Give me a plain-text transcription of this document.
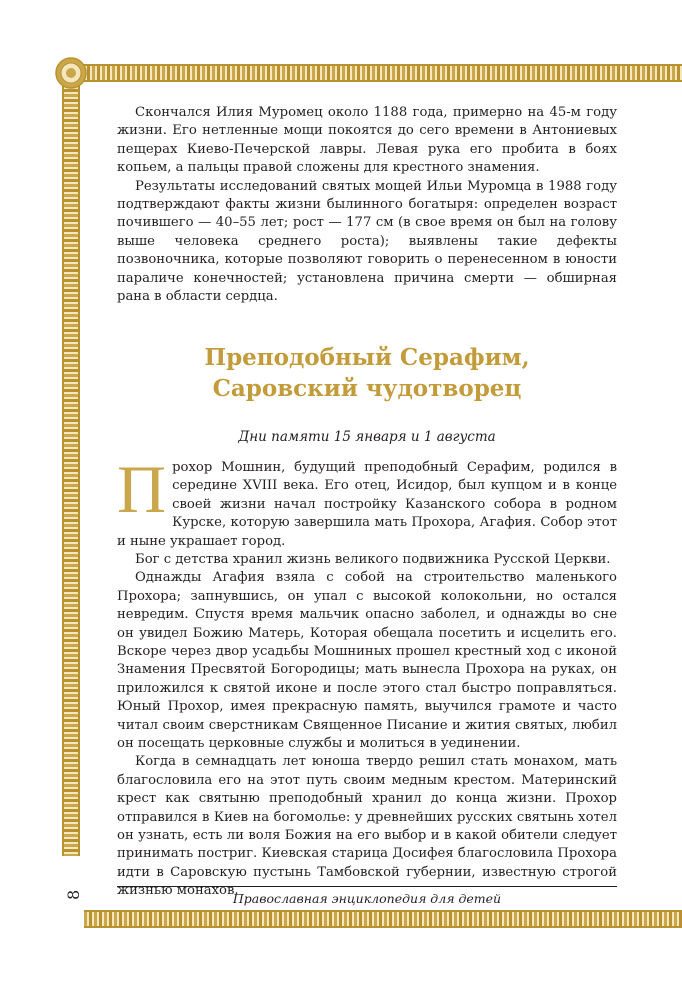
8

Скончался Илия Муромец около 1188 года, примерно на 45-м году жизни. Его нетленные мощи покоятся до сего времени в Антониевых пещерах Киево-Печерской лавры. Левая рука его пробита в боях копьем, а пальцы правой сложены для крестного знамения.

Результаты исследований святых мощей Ильи Муромца в 1988 году подтверждают факты жизни былинного богатыря: определен возраст почившего — 40–55 лет; рост — 177 см (в свое время он был на голову выше человека среднего роста); выявлены такие дефекты позвоночника, которые позволяют говорить о перенесенном в юности параличе конечностей; установлена причина смерти — обширная рана в области сердца.

Преподобный Серафим,
Саровский чудотворец
Дни памяти 15 января и 1 августа
П рохор Мошнин, будущий преподобный Серафим, родился в середине XVIII века. Его отец, Исидор, был купцом и в конце своей жизни начал постройку Казанского собора в родном Курске, которую завершила мать Прохора, Агафия. Собор этот и ныне украшает город.

Бог с детства хранил жизнь великого подвижника Русской Церкви.

Однажды Агафия взяла с собой на строительство маленького Прохора; запнувшись, он упал с высокой колокольни, но остался невредим. Спустя время мальчик опасно заболел, и однажды во сне он увидел Божию Матерь, Которая обещала посетить и исцелить его. Вскоре через двор усадьбы Мошниных прошел крестный ход с иконой Знамения Пресвятой Богородицы; мать вынесла Прохора на руках, он приложился к святой иконе и после этого стал быстро поправляться. Юный Прохор, имея прекрасную память, выучился грамоте и часто читал своим сверстникам Священное Писание и жития святых, любил он посещать церковные службы и молиться в уединении.

Когда в семнадцать лет юноша твердо решил стать монахом, мать благословила его на этот путь своим медным крестом. Материнский крест как святыню преподобный хранил до конца жизни. Прохор отправился в Киев на богомолье: у древнейших русских святынь хотел он узнать, есть ли воля Божия на его выбор и в какой обители следует принимать постриг. Киевская старица Досифея благословила Прохора идти в Саровскую пустынь Тамбовской губернии, известную строгой жизнью монахов.

Православная энциклопедия для детей
